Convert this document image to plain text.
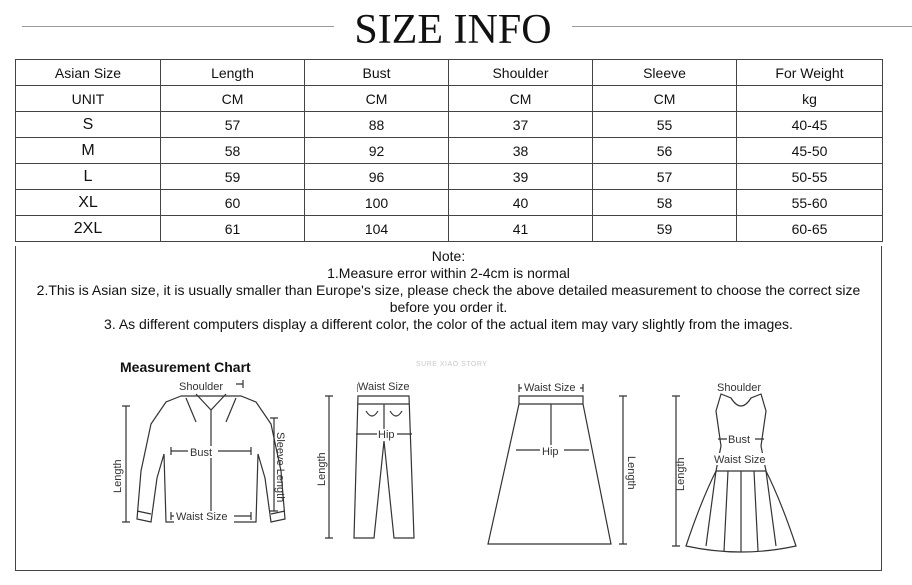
SIZE INFO
Asian Size	Length	Bust	Shoulder	Sleeve	For Weight
UNIT	CM	CM	CM	CM	kg
S	57	88	37	55	40-45
M	58	92	38	56	45-50
L	59	96	39	57	50-55
XL	60	100	40	58	55-60
2XL	61	104	41	59	60-65
Note:
1.Measure error within 2-4cm is normal
2.This is Asian size, it is usually smaller than Europe's size, please check the above detailed measurement to choose the correct size before you order it.
3. As different computers display a different color, the color of the actual item may vary slightly from the images.
Measurement Chart	SURE XIAO STORY
Shoulder
Bust
Waist Size
Length	Sleeve Length
Waist Size
Hip
Length
Waist Size
Hip
Length
Shoulder
Bust
Waist Size
Length
